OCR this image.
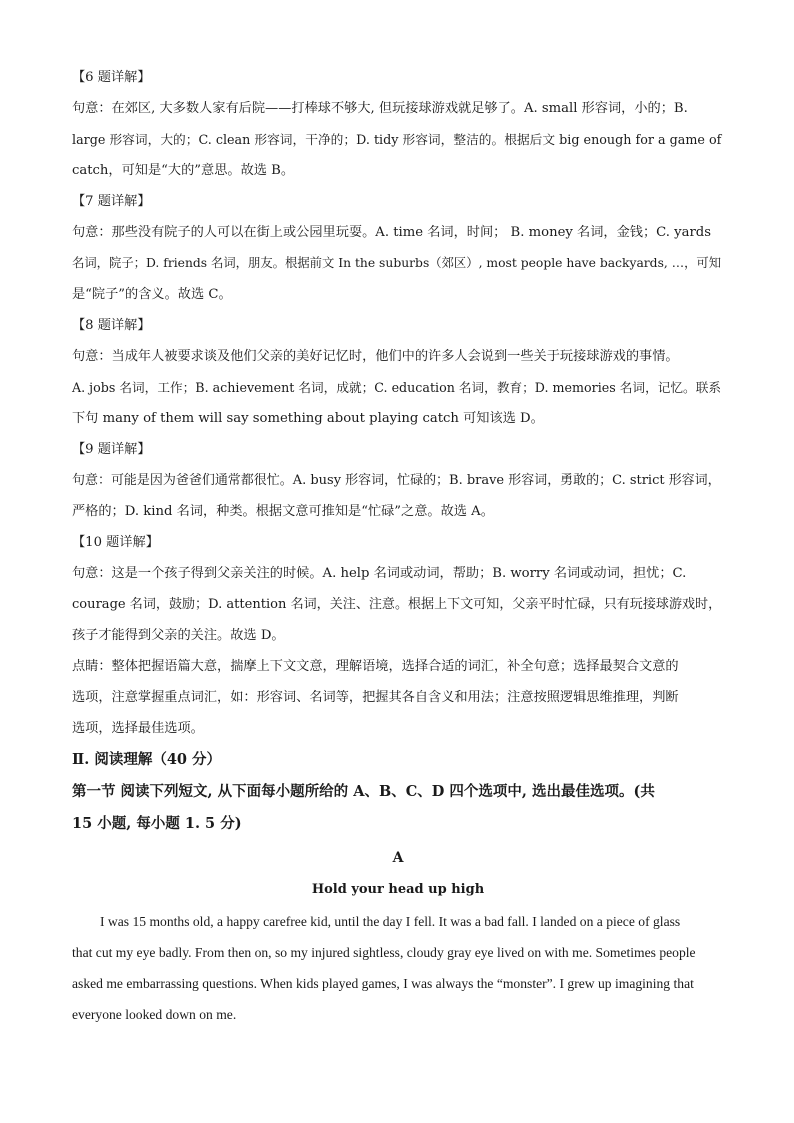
【6 题详解】
句意：在郊区, 大多数人家有后院——打棒球不够大, 但玩接球游戏就足够了。A. small 形容词，小的；B.
large 形容词，大的；C. clean 形容词，干净的；D. tidy 形容词，整洁的。根据后文 big enough for a game of
catch，可知是“大的”意思。故选 B。
【7 题详解】
句意：那些没有院子的人可以在街上或公园里玩耍。A. time 名词，时间； B. money 名词，金钱；C. yards
名词，院子；D. friends 名词，朋友。根据前文 In the suburbs（郊区）, most people have backyards, …，可知
是“院子”的含义。故选 C。
【8 题详解】
句意：当成年人被要求谈及他们父亲的美好记忆时，他们中的许多人会说到一些关于玩接球游戏的事情。
A. jobs 名词，工作；B. achievement 名词，成就；C. education 名词，教育；D. memories 名词，记忆。联系
下句 many of them will say something about playing catch 可知该选 D。
【9 题详解】
句意：可能是因为爸爸们通常都很忙。A. busy 形容词，忙碌的；B. brave 形容词，勇敢的；C. strict 形容词，
严格的；D. kind 名词，种类。根据文意可推知是“忙碌”之意。故选 A。
【10 题详解】
句意：这是一个孩子得到父亲关注的时候。A. help 名词或动词，帮助；B. worry 名词或动词，担忧；C.
courage 名词，鼓励；D. attention 名词，关注、注意。根据上下文可知，父亲平时忙碌，只有玩接球游戏时，
孩子才能得到父亲的关注。故选 D。
点睛：整体把握语篇大意，揣摩上下文文意，理解语境，选择合适的词汇，补全句意；选择最契合文意的
选项，注意掌握重点词汇，如：形容词、名词等，把握其各自含义和用法；注意按照逻辑思维推理，判断
选项，选择最佳选项。
Ⅱ. 阅读理解（40 分）
第一节 阅读下列短文, 从下面每小题所给的 A、B、C、D 四个选项中, 选出最佳选项。(共
15 小题, 每小题 1. 5 分)
A
Hold your head up high
I was 15 months old, a happy carefree kid, until the day I fell. It was a bad fall. I landed on a piece of glass
that cut my eye badly. From then on, so my injured sightless, cloudy gray eye lived on with me. Sometimes people
asked me embarrassing questions. When kids played games, I was always the “monster”. I grew up imagining that
everyone looked down on me.
